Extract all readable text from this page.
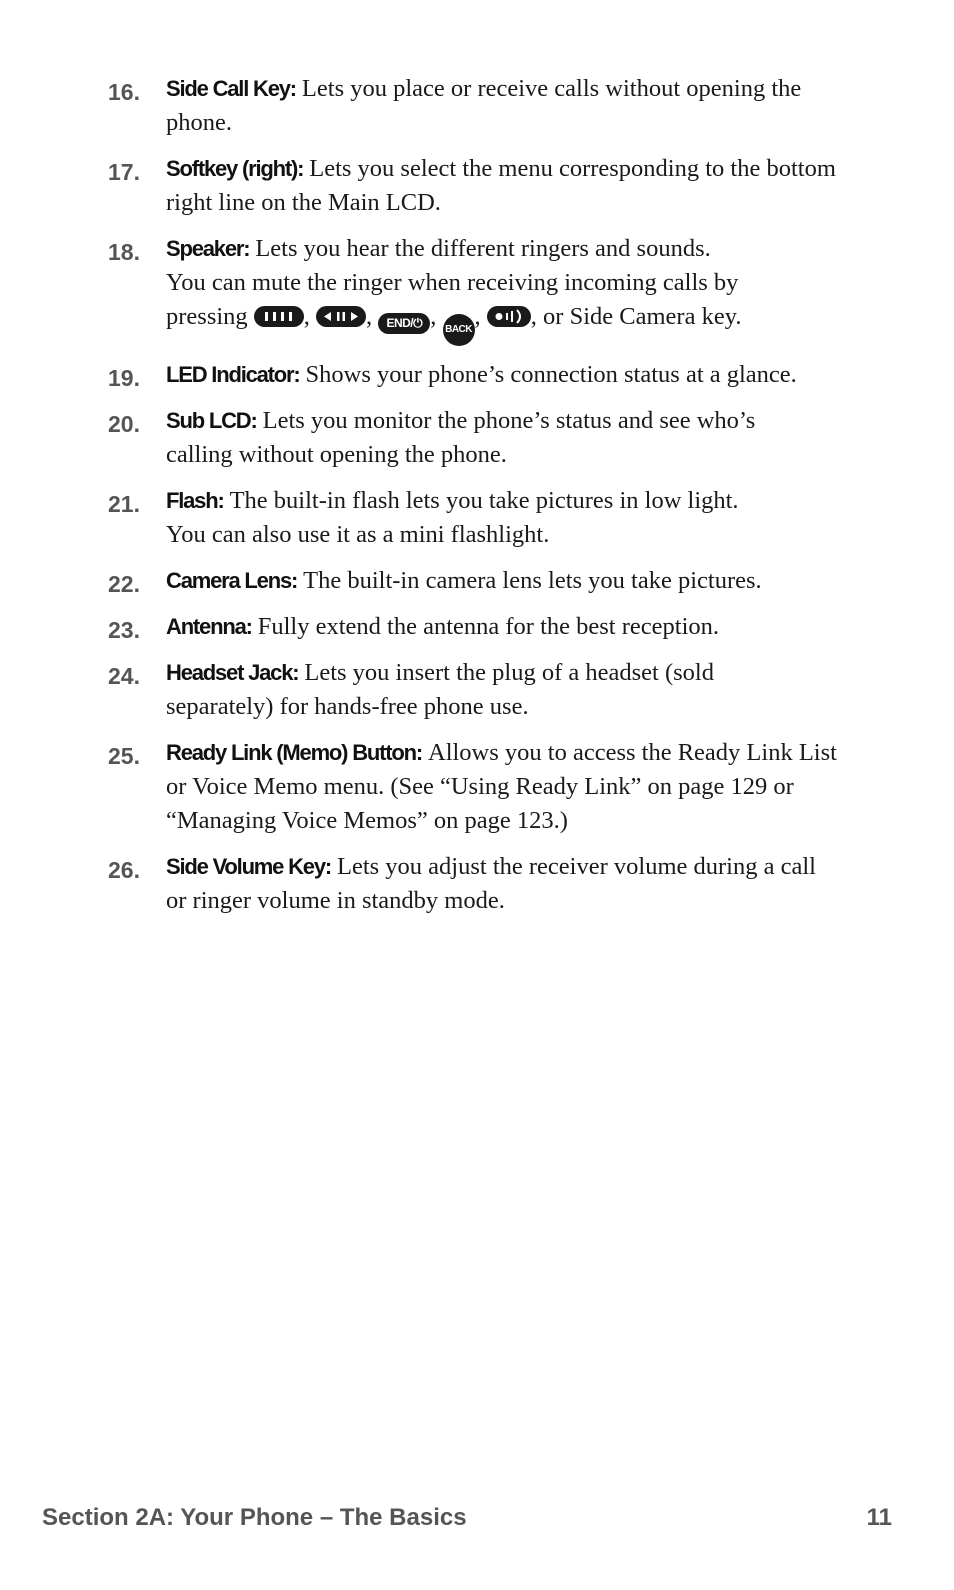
16. Side Call Key: Lets you place or receive calls without opening the phone.
17. Softkey (right): Lets you select the menu corresponding to the bottom right line on the Main LCD.
18. Speaker: Lets you hear the different ringers and sounds.
You can mute the ringer when receiving incoming calls by
pressing ,
, END/⏻ , BACK ,
, or Side Camera key.
19. LED Indicator: Shows your phone’s connection status at a glance.
20. Sub LCD: Lets you monitor the phone’s status and see who’s calling without opening the phone.
21. Flash: The built-in flash lets you take pictures in low light.
You can also use it as a mini flashlight.
22. Camera Lens: The built-in camera lens lets you take pictures.
23. Antenna: Fully extend the antenna for the best reception.
24. Headset Jack: Lets you insert the plug of a headset (sold separately) for hands-free phone use.
25. Ready Link (Memo) Button: Allows you to access the Ready Link List or Voice Memo menu. (See “Using Ready Link” on page 129 or “Managing Voice Memos” on page 123.)
26. Side Volume Key: Lets you adjust the receiver volume during a call or ringer volume in standby mode.
Section 2A: Your Phone – The Basics	11
